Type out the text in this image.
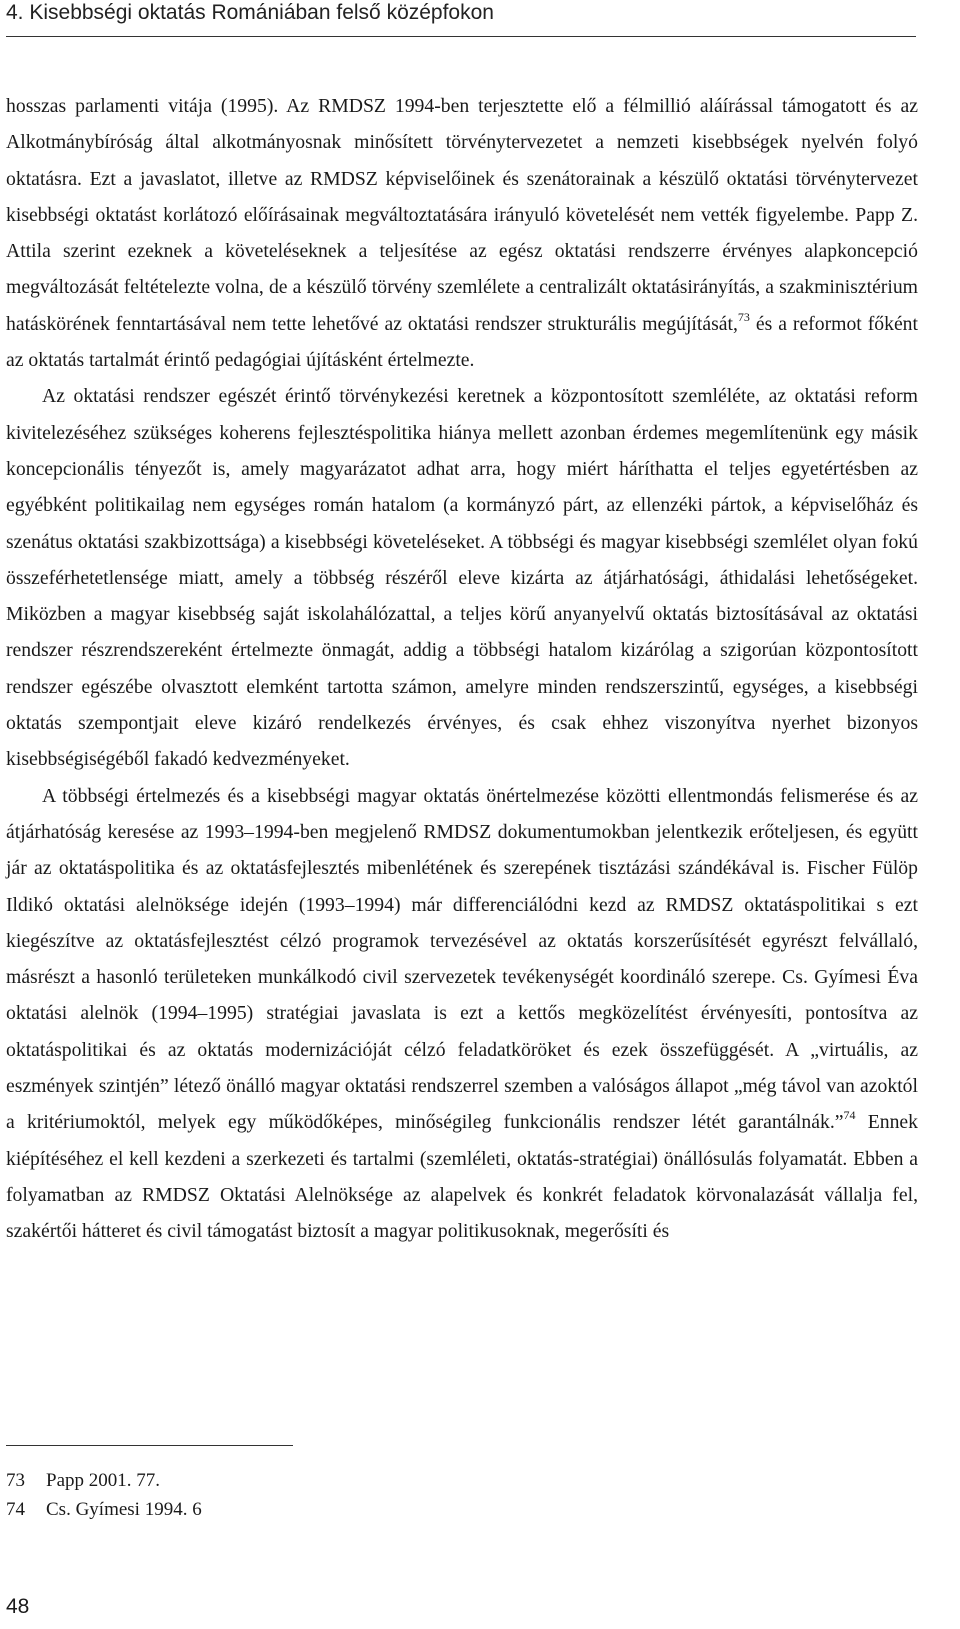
4. Kisebbségi oktatás Romániában felső középfokon

hosszas parlamenti vitája (1995). Az RMDSZ 1994-ben terjesztette elő a félmillió aláírással támogatott és az Alkotmánybíróság által alkotmányosnak minősített törvénytervezetet a nemzeti kisebbségek nyelvén folyó oktatásra. Ezt a javaslatot, illetve az RMDSZ képviselőinek és szenátorainak a készülő oktatási törvénytervezet kisebbségi oktatást korlátozó előírásainak megváltoztatására irányuló követelését nem vették figyelembe. Papp Z. Attila szerint ezeknek a követeléseknek a teljesítése az egész oktatási rendszerre érvényes alapkoncepció megváltozását feltételezte volna, de a készülő törvény szemlélete a centralizált oktatásirányítás, a szakminisztérium hatáskörének fenntartásával nem tette lehetővé az oktatási rendszer strukturális megújítását,$^{73}$ és a reformot főként az oktatás tartalmát érintő pedagógiai újításként értelmezte.

Az oktatási rendszer egészét érintő törvénykezési keretnek a központosított szemléléte, az oktatási reform kivitelezéséhez szükséges koherens fejlesztéspolitika hiánya mellett azonban érdemes megemlítenünk egy másik koncepcionális tényezőt is, amely magyarázatot adhat arra, hogy miért háríthatta el teljes egyetértésben az egyébként politikailag nem egységes román hatalom (a kormányzó párt, az ellenzéki pártok, a képviselőház és szenátus oktatási szakbizottsága) a kisebbségi követeléseket. A többségi és magyar kisebbségi szemlélet olyan fokú összeférhetetlensége miatt, amely a többség részéről eleve kizárta az átjárhatósági, áthidalási lehetőségeket. Miközben a magyar kisebbség saját iskolahálózattal, a teljes körű anyanyelvű oktatás biztosításával az oktatási rendszer részrendszereként értelmezte önmagát, addig a többségi hatalom kizárólag a szigorúan központosított rendszer egészébe olvasztott elemként tartotta számon, amelyre minden rendszerszintű, egységes, a kisebbségi oktatás szempontjait eleve kizáró rendelkezés érvényes, és csak ehhez viszonyítva nyerhet bizonyos kisebbségiségéből fakadó kedvezményeket.

A többségi értelmezés és a kisebbségi magyar oktatás önértelmezése közötti ellentmondás felismerése és az átjárhatóság keresése az 1993–1994-ben megjelenő RMDSZ dokumentumokban jelentkezik erőteljesen, és együtt jár az oktatáspolitika és az oktatásfejlesztés mibenlétének és szerepének tisztázási szándékával is. Fischer Fülöp Ildikó oktatási alelnöksége idején (1993–1994) már differenciálódni kezd az RMDSZ oktatáspolitikai s ezt kiegészítve az oktatásfejlesztést célzó programok tervezésével az oktatás korszerűsítését egyrészt felvállaló, másrészt a hasonló területeken munkálkodó civil szervezetek tevékenységét koordináló szerepe. Cs. Gyímesi Éva oktatási alelnök (1994–1995) stratégiai javaslata is ezt a kettős megközelítést érvényesíti, pontosítva az oktatáspolitikai és az oktatás modernizációját célzó feladatköröket és ezek összefüggését. A „virtuális, az eszmények szintjén” létező önálló magyar oktatási rendszerrel szemben a valóságos állapot „még távol van azoktól a kritériumoktól, melyek egy működőképes, minőségileg funkcionális rendszer létét garantálnák.”$^{74}$ Ennek kiépítéséhez el kell kezdeni a szerkezeti és tartalmi (szemléleti, oktatás-stratégiai) önállósulás folyamatát. Ebben a folyamatban az RMDSZ Oktatási Alelnöksége az alapelvek és konkrét feladatok körvonalazását vállalja fel, szakértői hátteret és civil támogatást biztosít a magyar politikusoknak, megerősíti és

73	Papp 2001. 77.
74	Cs. Gyímesi 1994. 6
48
